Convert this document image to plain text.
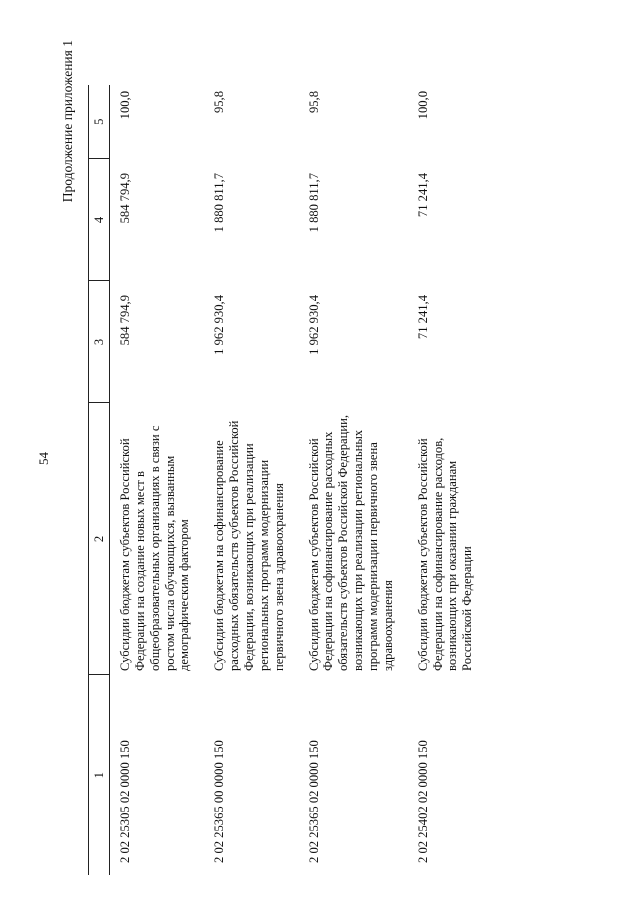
54
Продолжение приложения 1
1	2	3	4	5
2 02 25305 02 0000 150	Субсидии бюджетам субъектов Российской Федерации на создание новых мест в общеобразовательных организациях в связи с ростом числа обучающихся, вызванным демографическим фактором	584 794,9	584 794,9	100,0
2 02 25365 00 0000 150	Субсидии бюджетам на софинансирование расходных обязательств субъектов Российской Федерации, возникающих при реализации региональных программ модернизации первичного звена здравоохранения	1 962 930,4	1 880 811,7	95,8
2 02 25365 02 0000 150	Субсидии бюджетам субъектов Российской Федерации на софинансирование расходных обязательств субъектов Российской Федерации, возникающих при реализации региональных программ модернизации первичного звена здравоохранения	1 962 930,4	1 880 811,7	95,8
2 02 25402 02 0000 150	Субсидии бюджетам субъектов Российской Федерации на софинансирование расходов, возникающих при оказании гражданам Российской Федерации	71 241,4	71 241,4	100,0
